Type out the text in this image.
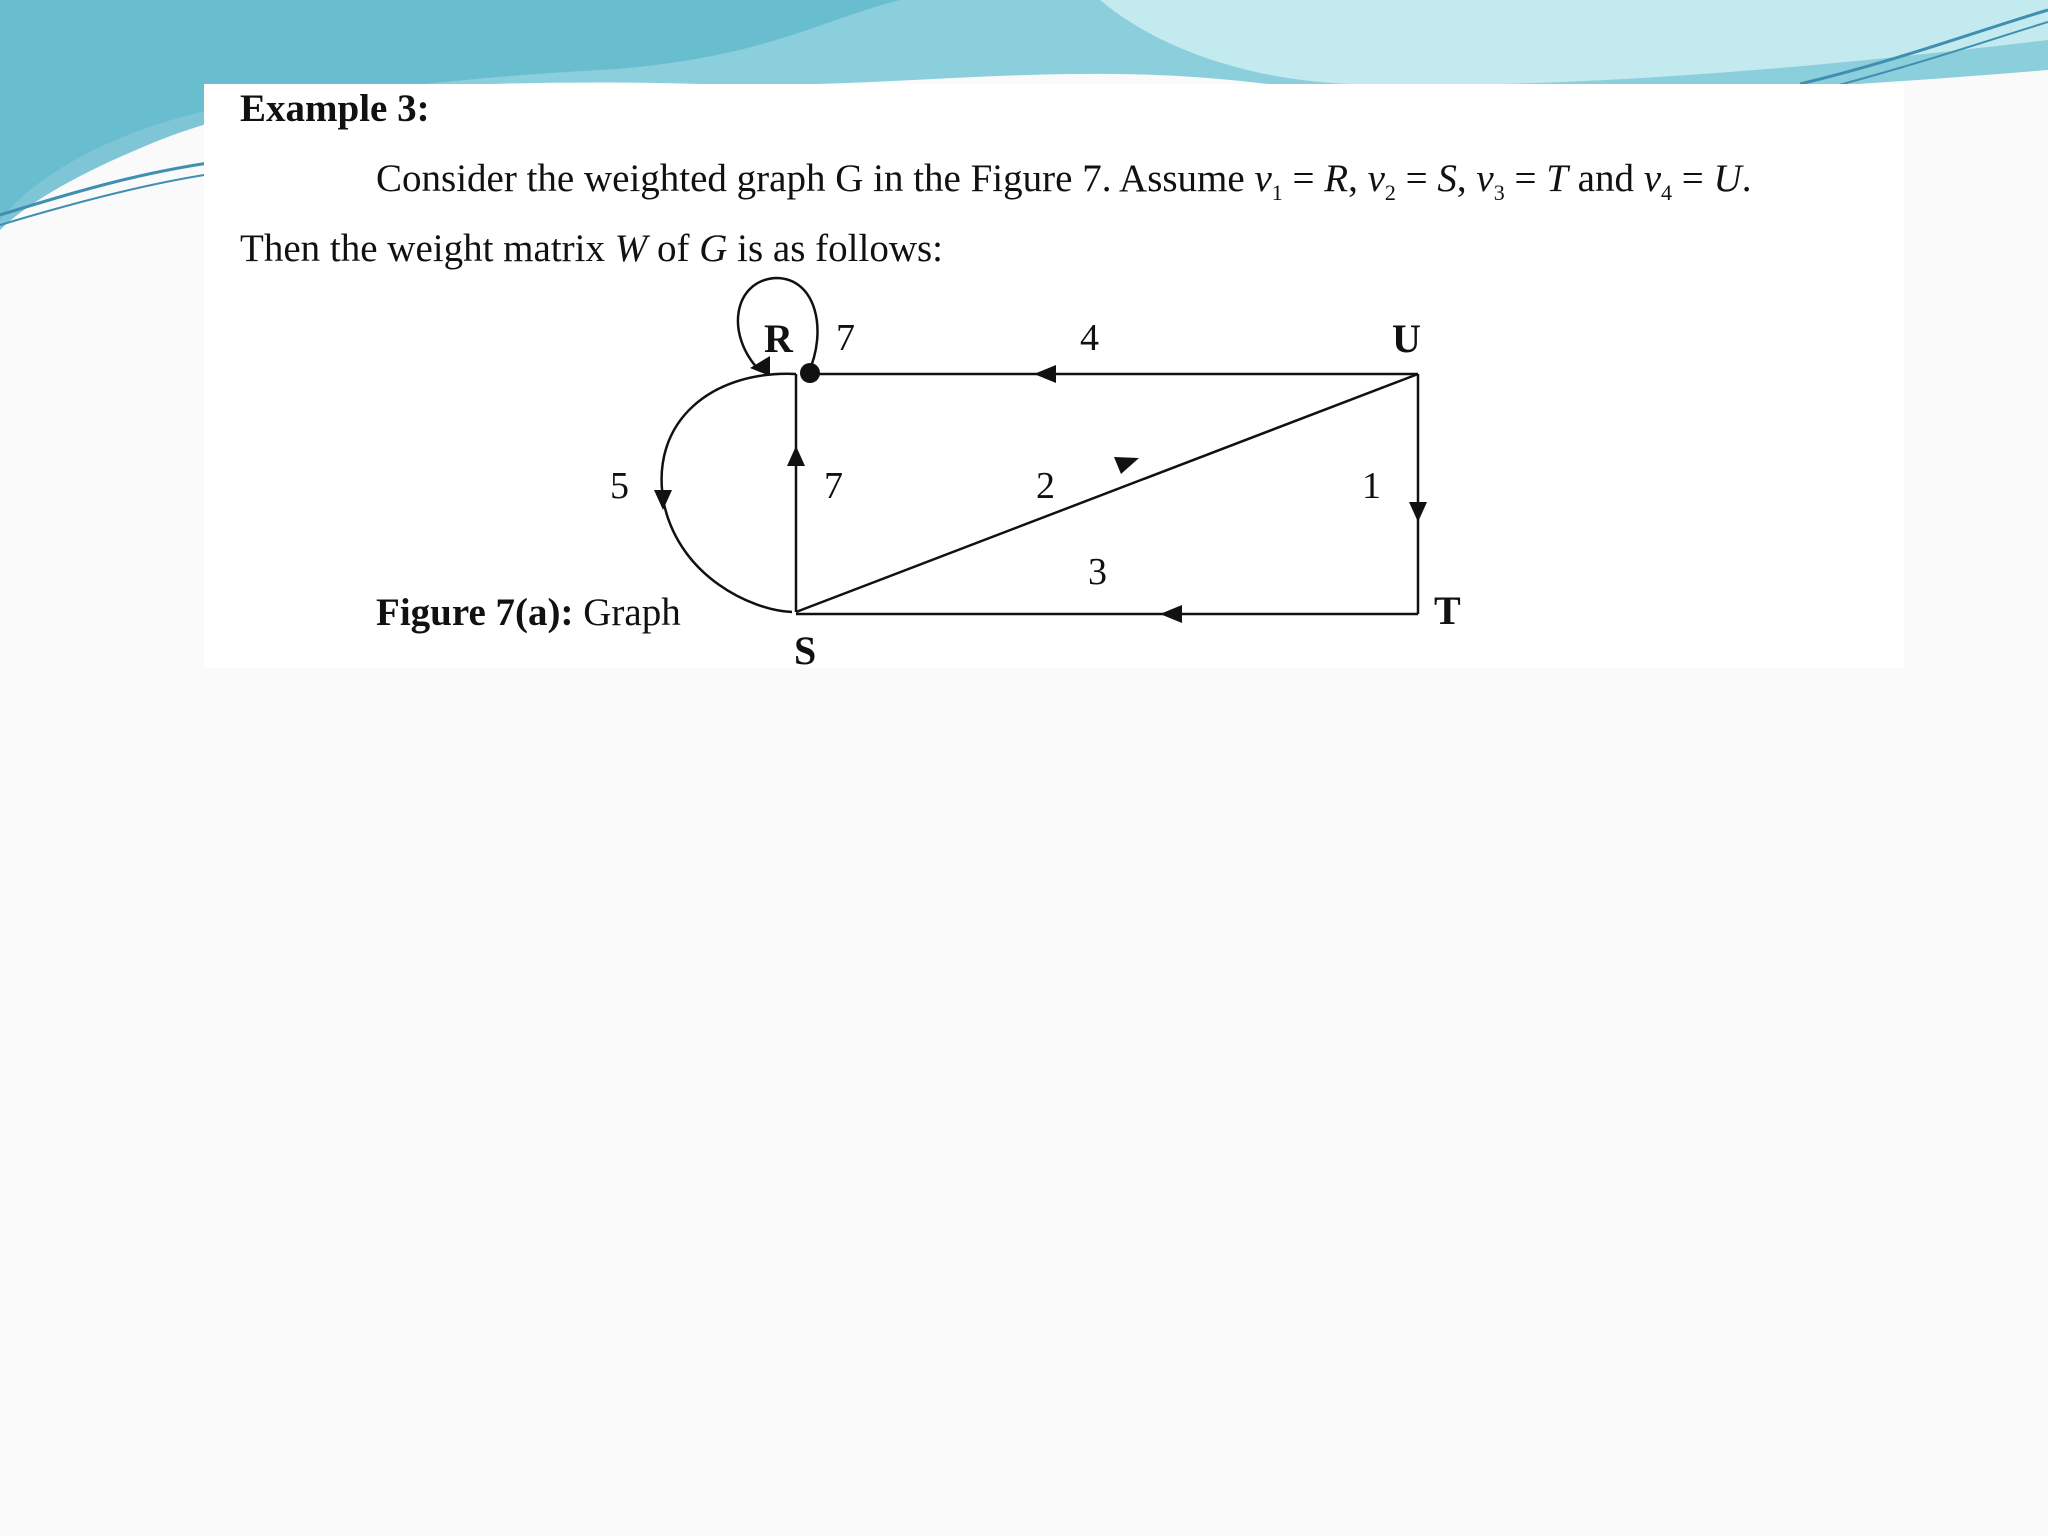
Example 3:

Consider the weighted graph G in the Figure 7. Assume $v_1 = R$, $v_2 = S$, $v_3 = T$ and $v_4 = U$.

Then the weight matrix W of G is as follows:

R	U
S
T
7	4
5	7	2	1
3

Figure 7(a): Graph
